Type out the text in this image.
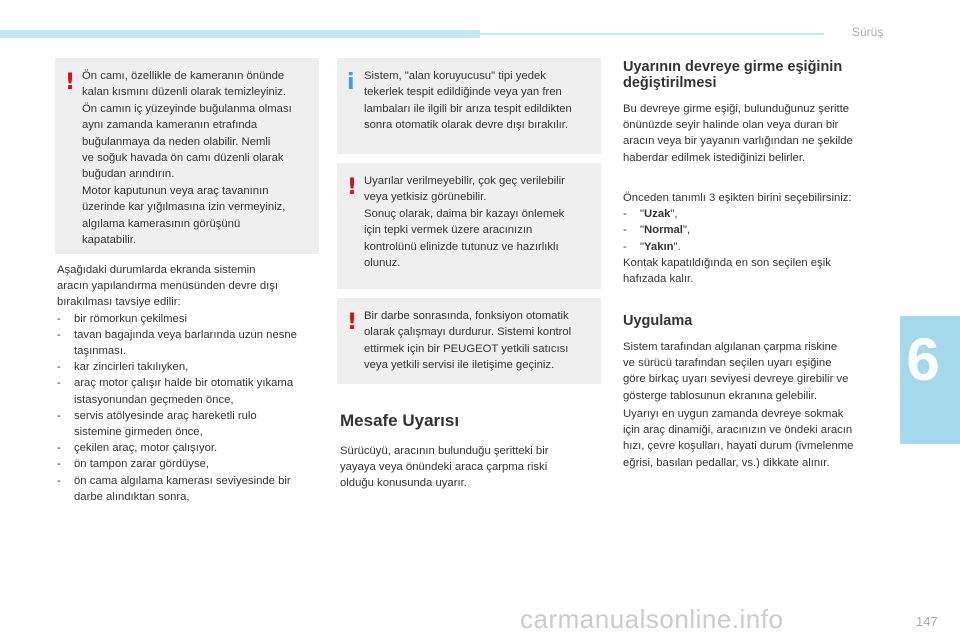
Sürüş
6
! Ön camı, özellikle de kameranın önünde
kalan kısmını düzenli olarak temizleyiniz.
Ön camın iç yüzeyinde buğulanma olması
aynı zamanda kameranın etrafında
buğulanmaya da neden olabilir. Nemli
ve soğuk havada ön camı düzenli olarak
buğudan arındırın.
Motor kaputunun veya araç tavanının
üzerinde kar yığılmasına izin vermeyiniz,
algılama kamerasının görüşünü
kapatabilir.
Aşağıdaki durumlarda ekranda sistemin
aracın yapılandırma menüsünden devre dışı
bırakılması tavsiye edilir:
- bir römorkun çekilmesi
- tavan bagajında veya barlarında uzun nesne
taşınması.
- kar zincirleri takılıyken,
- araç motor çalışır halde bir otomatik yıkama
istasyonundan geçmeden önce,
- servis atölyesinde araç hareketli rulo
sistemine girmeden önce,
- çekilen araç, motor çalışıyor.
- ön tampon zarar gördüyse,
- ön cama algılama kamerası seviyesinde bir
darbe alındıktan sonra,
i Sistem, "alan koruyucusu" tipi yedek
tekerlek tespit edildiğinde veya yan fren
lambaları ile ilgili bir arıza tespit edildikten
sonra otomatik olarak devre dışı bırakılır.
! Uyarılar verilmeyebilir, çok geç verilebilir
veya yetkisiz görünebilir.
Sonuç olarak, daima bir kazayı önlemek
için tepki vermek üzere aracınızın
kontrolünü elinizde tutunuz ve hazırlıklı
olunuz.
! Bir darbe sonrasında, fonksiyon otomatik
olarak çalışmayı durdurur. Sistemi kontrol
ettirmek için bir PEUGEOT yetkili satıcısı
veya yetkili servisi ile iletişime geçiniz.
Mesafe Uyarısı
Sürücüyü, aracının bulunduğu şeritteki bir
yayaya veya önündeki araca çarpma riski
olduğu konusunda uyarır.
Uyarının devreye girme eşiğinin
değiştirilmesi
Bu devreye girme eşiği, bulunduğunuz şeritte
önünüzde seyir halinde olan veya duran bir
aracın veya bir yayanın varlığından ne şekilde
haberdar edilmek istediğinizi belirler.
Önceden tanımlı 3 eşikten birini seçebilirsiniz:
- "Uzak",
- "Normal",
- "Yakın".
Kontak kapatıldığında en son seçilen eşik
hafızada kalır.
Uygulama
Sistem tarafından algılanan çarpma riskine
ve sürücü tarafından seçilen uyarı eşiğine
göre birkaç uyarı seviyesi devreye girebilir ve
gösterge tablosunun ekranına gelebilir.
Uyarıyı en uygun zamanda devreye sokmak
için araç dinamiği, aracınızın ve öndeki aracın
hızı, çevre koşulları, hayati durum (ivmelenme
eğrisi, basılan pedallar, vs.) dikkate alınır.
carmanualsonline.info	147
